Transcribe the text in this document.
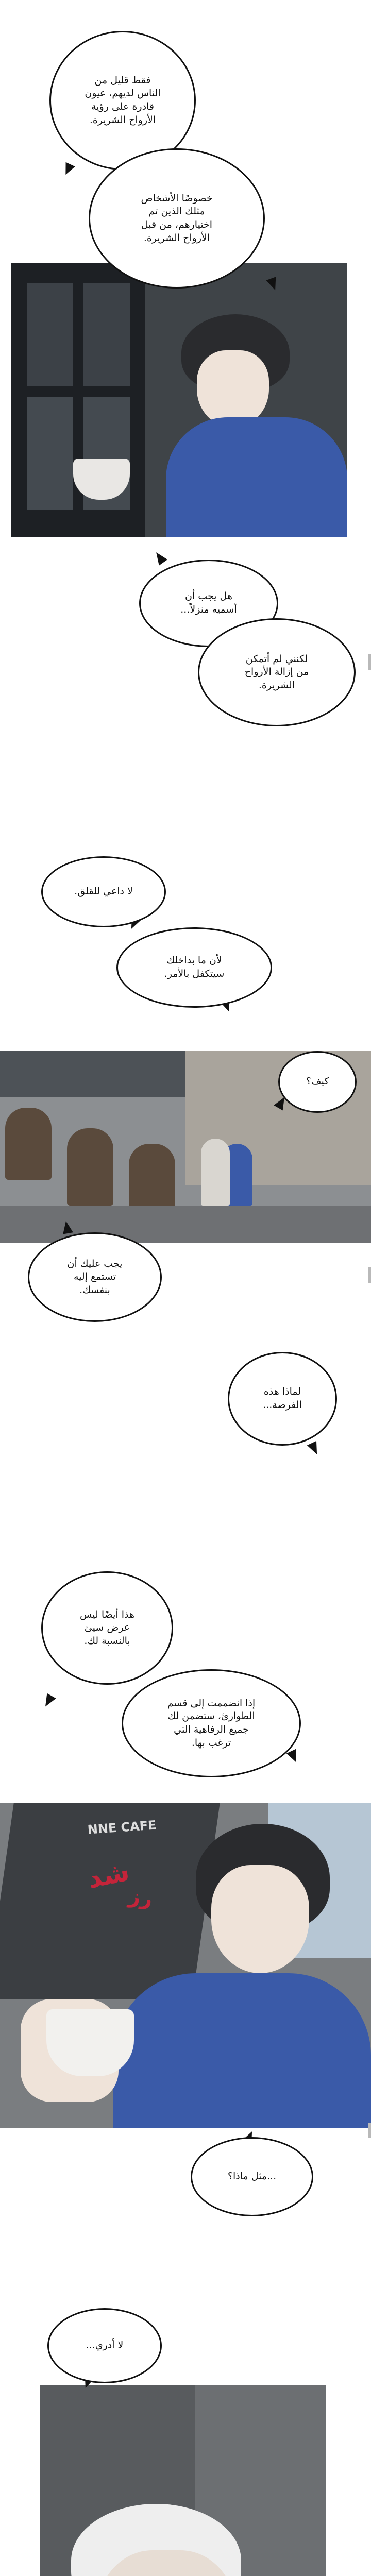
فقط قليل من
الناس لديهم، عيون
قادرة على رؤية
الأرواح الشريرة.
خصوصًا الأشخاص
مثلك الذين تم
اختيارهم، من قبل
الأرواح الشريرة.
هل يجب أن
أسميه منزلاً...
لكنني لم أتمكن
من إزالة الأرواح
الشريرة.
لا داعي للقلق.
لأن ما بداخلك
سيتكفل بالأمر.
كيف؟
يجب عليك أن
تستمع إليه
بنفسك.
لماذا هذه
الفرصة...
هذا أيضًا ليس
عرض سيئ
بالنسبة لك.
إذا انضممت إلى قسم
الطوارئ، ستضمن لك
جميع الرفاهية التي
ترغب بها.
NNE CAFE
شد
رز
...مثل ماذا؟
لا أدري...
